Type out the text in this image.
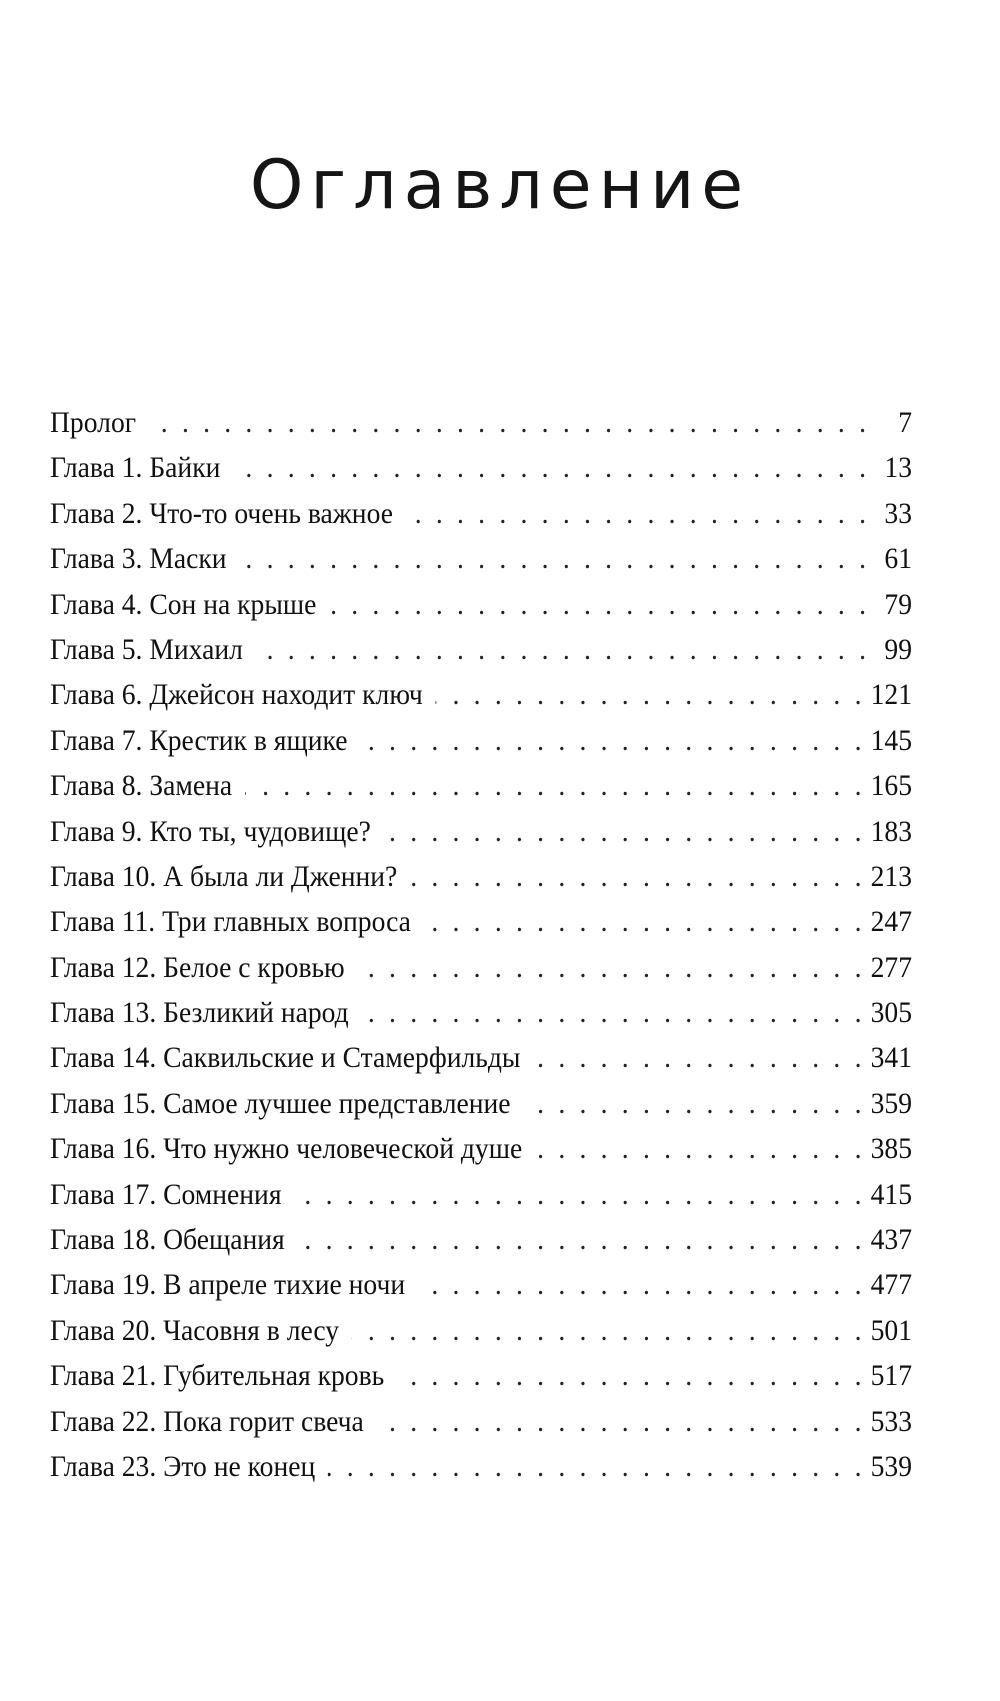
Оглавление
Пролог . . .	7
Глава 1. Байки . . .	13
Глава 2. Что-то очень важное . . .	33
Глава 3. Маски . . .	61
Глава 4. Сон на крыше . . .	79
Глава 5. Михаил . . .	99
Глава 6. Джейсон находит ключ . . .	121
Глава 7. Крестик в ящике . . .	145
Глава 8. Замена . . .	165
Глава 9. Кто ты, чудовище? . . .	183
Глава 10. А была ли Дженни? . . .	213
Глава 11. Три главных вопроса . . .	247
Глава 12. Белое с кровью . . .	277
Глава 13. Безликий народ . . .	305
Глава 14. Саквильские и Стамерфильды . . .	341
Глава 15. Самое лучшее представление . . .	359
Глава 16. Что нужно человеческой душе . . .	385
Глава 17. Сомнения . . .	415
Глава 18. Обещания . . .	437
Глава 19. В апреле тихие ночи . . .	477
Глава 20. Часовня в лесу . . .	501
Глава 21. Губительная кровь . . .	517
Глава 22. Пока горит свеча . . .	533
Глава 23. Это не конец . . .	539
